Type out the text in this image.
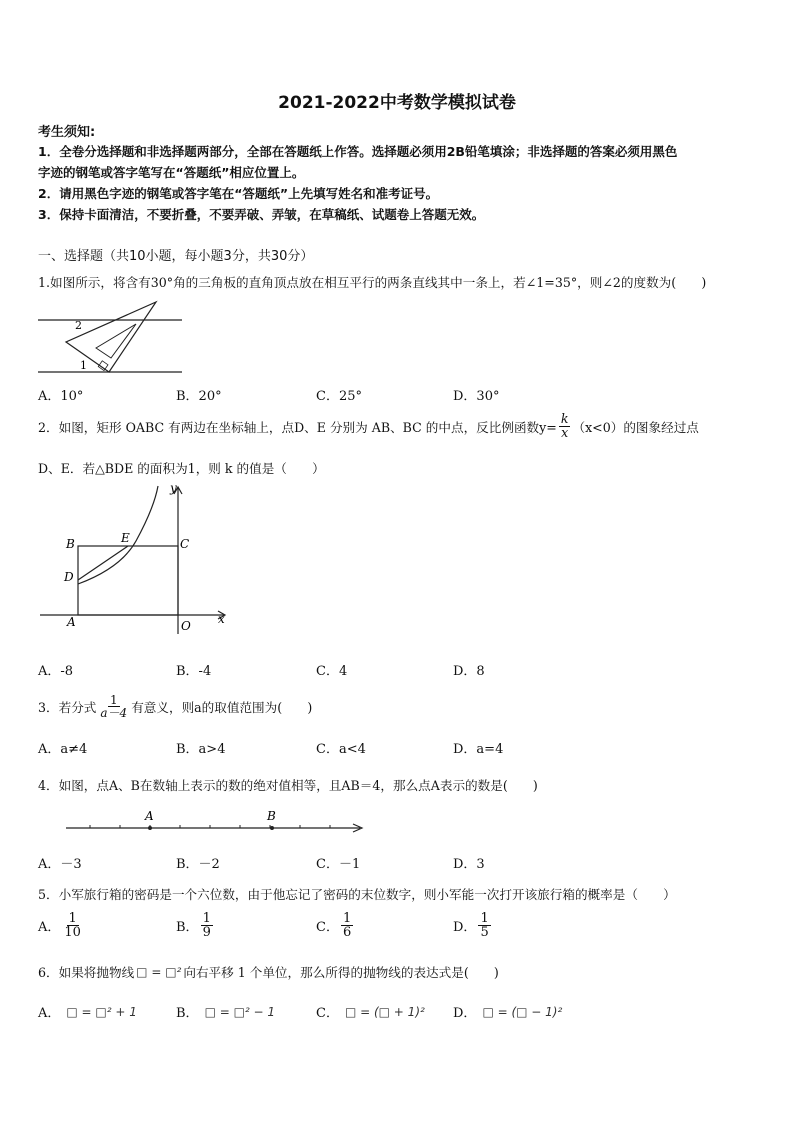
2021-2022中考数学模拟试卷
考生须知:
1．全卷分选择题和非选择题两部分，全部在答题纸上作答。选择题必须用2B铅笔填涂；非选择题的答案必须用黑色
字迹的钢笔或答字笔写在“答题纸”相应位置上。
2．请用黑色字迹的钢笔或答字笔在“答题纸”上先填写姓名和准考证号。
3．保持卡面清洁，不要折叠，不要弄破、弄皱，在草稿纸、试题卷上答题无效。
一、选择题（共10小题，每小题3分，共30分）
1.如图所示，将含有30°角的三角板的直角顶点放在相互平行的两条直线其中一条上，若∠1=35°，则∠2的度数为(　　)
2
1
A．10°	B．20°	C．25°	D．30°
2．如图，矩形 OABC 有两边在坐标轴上，点D、E 分别为 AB、BC 的中点，反比例函数$y= \frac{k}{x} (x<0)$的图象经过点
D、E．若△BDE 的面积为1，则 k 的值是（　　）
y
x
B	E	C
D
A	O
A．-8	B．-4	C．4	D．8
3．若分式 $\frac{1}{a-4}$ 有意义，则a的取值范围为(　　)
A．a≠4	B．a>4	C．a<4	D．a=4
4．如图，点A、B在数轴上表示的数的绝对值相等，且AB＝4，那么点A表示的数是(　　)
A	B
A．－3	B．－2	C．－1	D．3
5．小军旅行箱的密码是一个六位数，由于他忘记了密码的末位数字，则小军能一次打开该旅行箱的概率是（　　）
A． $\frac{1}{10}$	B． $\frac{1}{9}$	C． $\frac{1}{6}$	D． $\frac{1}{5}$
6．如果将抛物线 □ = □² 向右平移 1 个单位，那么所得的抛物线的表达式是(　　)
A． □ = □² + 1	B． □ = □² − 1	C． □ = (□ + 1)² D． □ = (□ − 1)²
